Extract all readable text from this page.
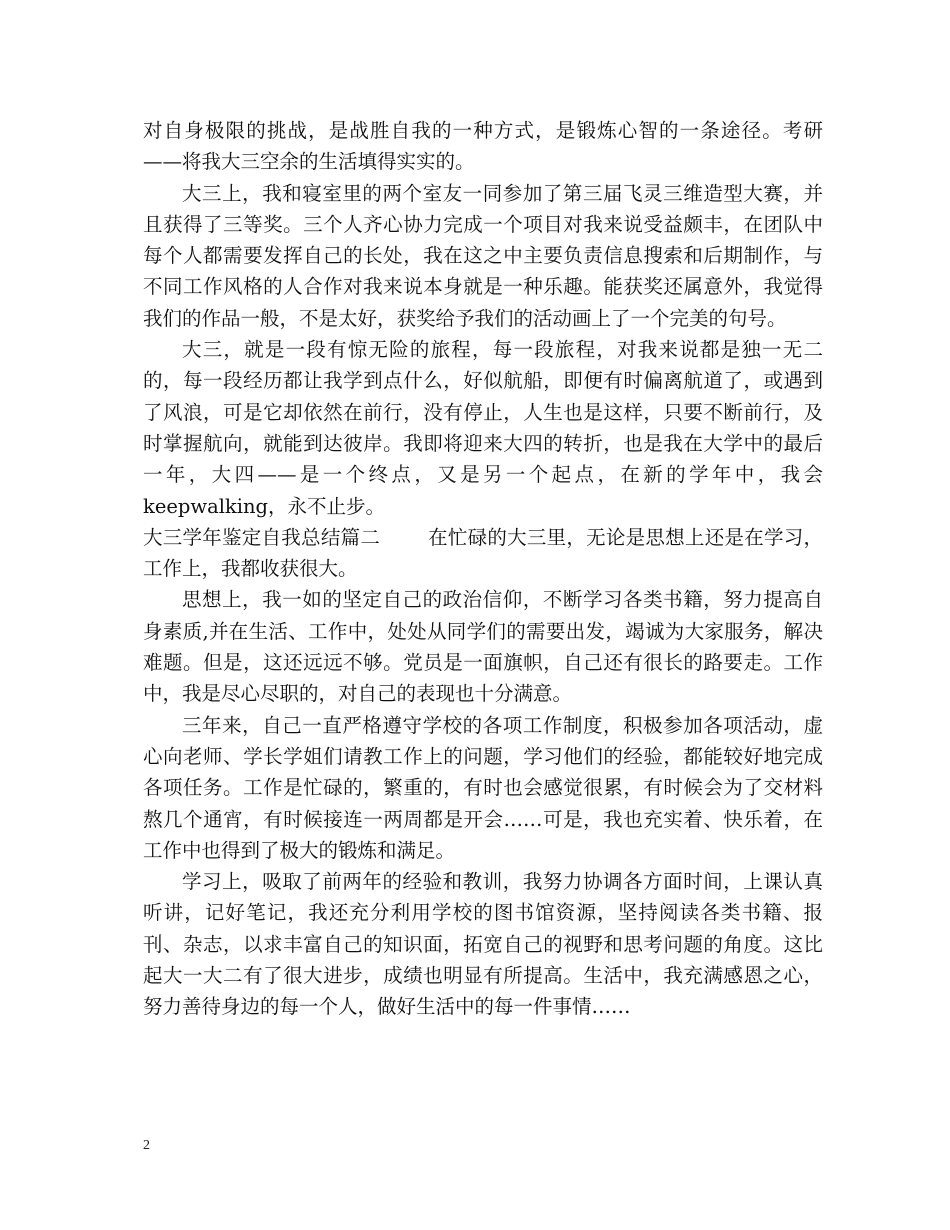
对自身极限的挑战，是战胜自我的一种方式，是锻炼心智的一条途径。考研——将我大三空余的生活填得实实的。

大三上，我和寝室里的两个室友一同参加了第三届飞灵三维造型大赛，并且获得了三等奖。三个人齐心协力完成一个项目对我来说受益颇丰，在团队中每个人都需要发挥自己的长处，我在这之中主要负责信息搜索和后期制作，与不同工作风格的人合作对我来说本身就是一种乐趣。能获奖还属意外，我觉得我们的作品一般，不是太好，获奖给予我们的活动画上了一个完美的句号。

大三，就是一段有惊无险的旅程，每一段旅程，对我来说都是独一无二的，每一段经历都让我学到点什么，好似航船，即便有时偏离航道了，或遇到了风浪，可是它却依然在前行，没有停止，人生也是这样，只要不断前行，及时掌握航向，就能到达彼岸。我即将迎来大四的转折，也是我在大学中的最后一年，大四——是一个终点，又是另一个起点，在新的学年中，我会keepwalking，永不止步。

大三学年鉴定自我总结篇二 在忙碌的大三里，无论是思想上还是在学习，工作上，我都收获很大。

思想上，我一如的坚定自己的政治信仰，不断学习各类书籍，努力提高自身素质,并在生活、工作中，处处从同学们的需要出发，竭诚为大家服务，解决难题。但是，这还远远不够。党员是一面旗帜，自己还有很长的路要走。工作中，我是尽心尽职的，对自己的表现也十分满意。

三年来，自己一直严格遵守学校的各项工作制度，积极参加各项活动，虚心向老师、学长学姐们请教工作上的问题，学习他们的经验，都能较好地完成各项任务。工作是忙碌的，繁重的，有时也会感觉很累，有时候会为了交材料熬几个通宵，有时候接连一两周都是开会……可是，我也充实着、快乐着，在工作中也得到了极大的锻炼和满足。

学习上，吸取了前两年的经验和教训，我努力协调各方面时间，上课认真听讲，记好笔记，我还充分利用学校的图书馆资源，坚持阅读各类书籍、报刊、杂志，以求丰富自己的知识面，拓宽自己的视野和思考问题的角度。这比起大一大二有了很大进步，成绩也明显有所提高。生活中，我充满感恩之心，努力善待身边的每一个人，做好生活中的每一件事情……

2
